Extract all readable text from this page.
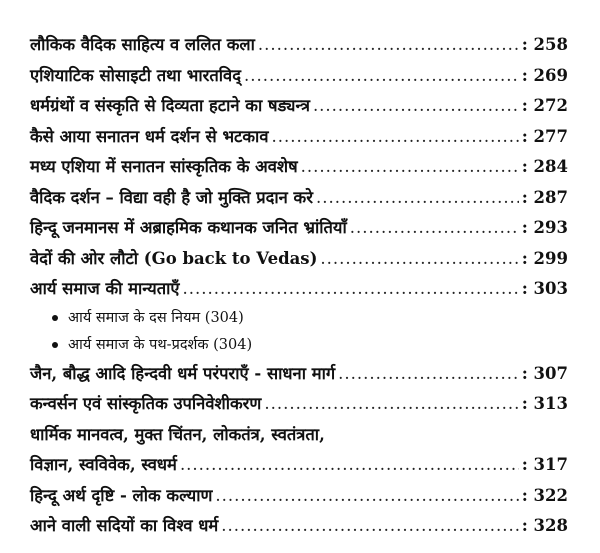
लौकिक वैदिक साहित्य व ललित कला .....	: 258
एशियाटिक सोसाइटी तथा भारतविद् .....	: 269
धर्मग्रंथों व संस्कृति से दिव्यता हटाने का षड्यन्त्र .....	: 272
कैसे आया सनातन धर्म दर्शन से भटकाव .....	: 277
मध्य एशिया में सनातन सांस्कृतिक के अवशेष .....	: 284
वैदिक दर्शन – विद्या वही है जो मुक्ति प्रदान करे .....	: 287
हिन्दू जनमानस में अब्राहमिक कथानक जनित भ्रांतियाँ .....	: 293
वेदों की ओर लौटो (Go back to Vedas) .....	: 299
आर्य समाज की मान्यताएँ .....	: 303
आर्य समाज के दस नियम (304)
आर्य समाज के पथ-प्रदर्शक (304)
जैन, बौद्ध आदि हिन्दवी धर्म परंपराएँ - साधना मार्ग .....	: 307
कन्वर्सन एवं सांस्कृतिक उपनिवेशीकरण .....	: 313
धार्मिक मानवत्व, मुक्त चिंतन, लोकतंत्र, स्वतंत्रता,
विज्ञान, स्वविवेक, स्वधर्म .....	: 317
हिन्दू अर्थ दृष्टि - लोक कल्याण .....	: 322
आने वाली सदियों का विश्व धर्म .....	: 328
